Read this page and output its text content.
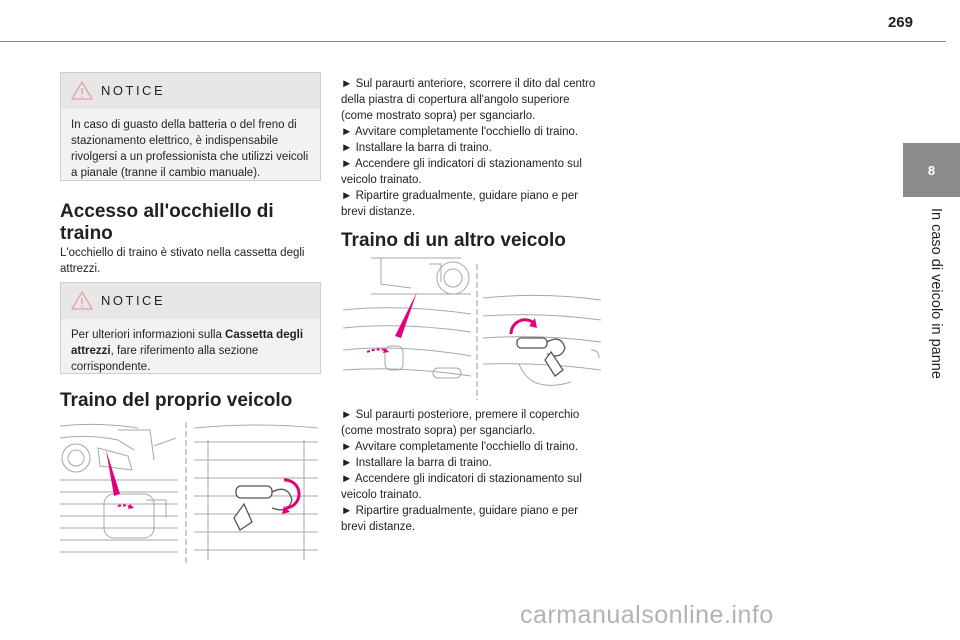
269
8
In caso di veicolo in panne
NOTICE
In caso di guasto della batteria o del freno di stazionamento elettrico, è indispensabile rivolgersi a un professionista che utilizzi veicoli a pianale (tranne il cambio manuale).
Accesso all'occhiello di traino
L'occhiello di traino è stivato nella cassetta degli attrezzi.
NOTICE
Per ulteriori informazioni sulla Cassetta degli attrezzi, fare riferimento alla sezione corrispondente.
Traino del proprio veicolo
► Sul paraurti anteriore, scorrere il dito dal centro della piastra di copertura all'angolo superiore (come mostrato sopra) per sganciarlo.
► Avvitare completamente l'occhiello di traino.
► Installare la barra di traino.
► Accendere gli indicatori di stazionamento sul veicolo trainato.
► Ripartire gradualmente, guidare piano e per brevi distanze.
Traino di un altro veicolo
► Sul paraurti posteriore, premere il coperchio (come mostrato sopra) per sganciarlo.
► Avvitare completamente l'occhiello di traino.
► Installare la barra di traino.
► Accendere gli indicatori di stazionamento sul veicolo trainato.
► Ripartire gradualmente, guidare piano e per brevi distanze.
carmanualsonline.info
